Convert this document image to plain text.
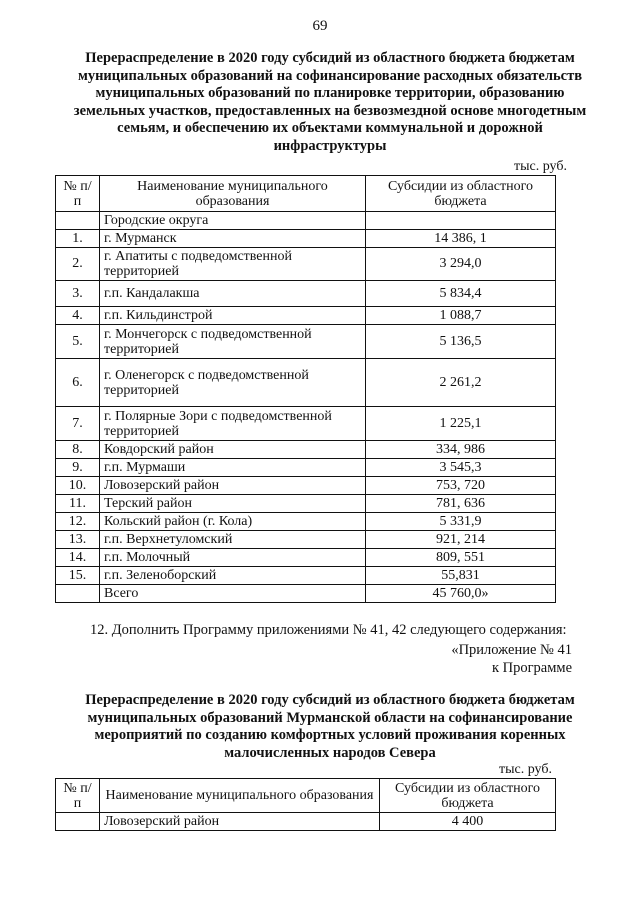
69
Перераспределение в 2020 году субсидий из областного бюджета бюджетам муниципальных образований на софинансирование расходных обязательств муниципальных образований по планировке территории, образованию земельных участков, предоставленных на безвозмездной основе многодетным семьям, и обеспечению их объектами коммунальной и дорожной инфраструктуры
тыс. руб.
№ п/п	Наименование муниципального образования	Субсидии из областного бюджета
	Городские округа	
1.	г. Мурманск	14 386, 1
2.	г. Апатиты с подведомственной территорией	3 294,0
3.	г.п. Кандалакша	5 834,4
4.	г.п. Кильдинстрой	1 088,7
5.	г. Мончегорск с подведомственной территорией	5 136,5
6.	г. Оленегорск с подведомственной территорией	2 261,2
7.	г. Полярные Зори с подведомственной территорией	1 225,1
8.	Ковдорский район	334, 986
9.	г.п. Мурмаши	3 545,3
10.	Ловозерский район	753, 720
11.	Терский район	781, 636
12.	Кольский район (г. Кола)	5 331,9
13.	г.п. Верхнетуломский	921, 214
14.	г.п. Молочный	809, 551
15.	г.п. Зеленоборский	55,831
	Всего	45 760,0»
12. Дополнить Программу приложениями № 41, 42 следующего содержания:
«Приложение № 41
к Программе
Перераспределение в 2020 году субсидий из областного бюджета бюджетам муниципальных образований Мурманской области на софинансирование мероприятий по созданию комфортных условий проживания коренных малочисленных народов Севера
тыс. руб.
№ п/п	Наименование муниципального образования	Субсидии из областного бюджета
	Ловозерский район	4 400
